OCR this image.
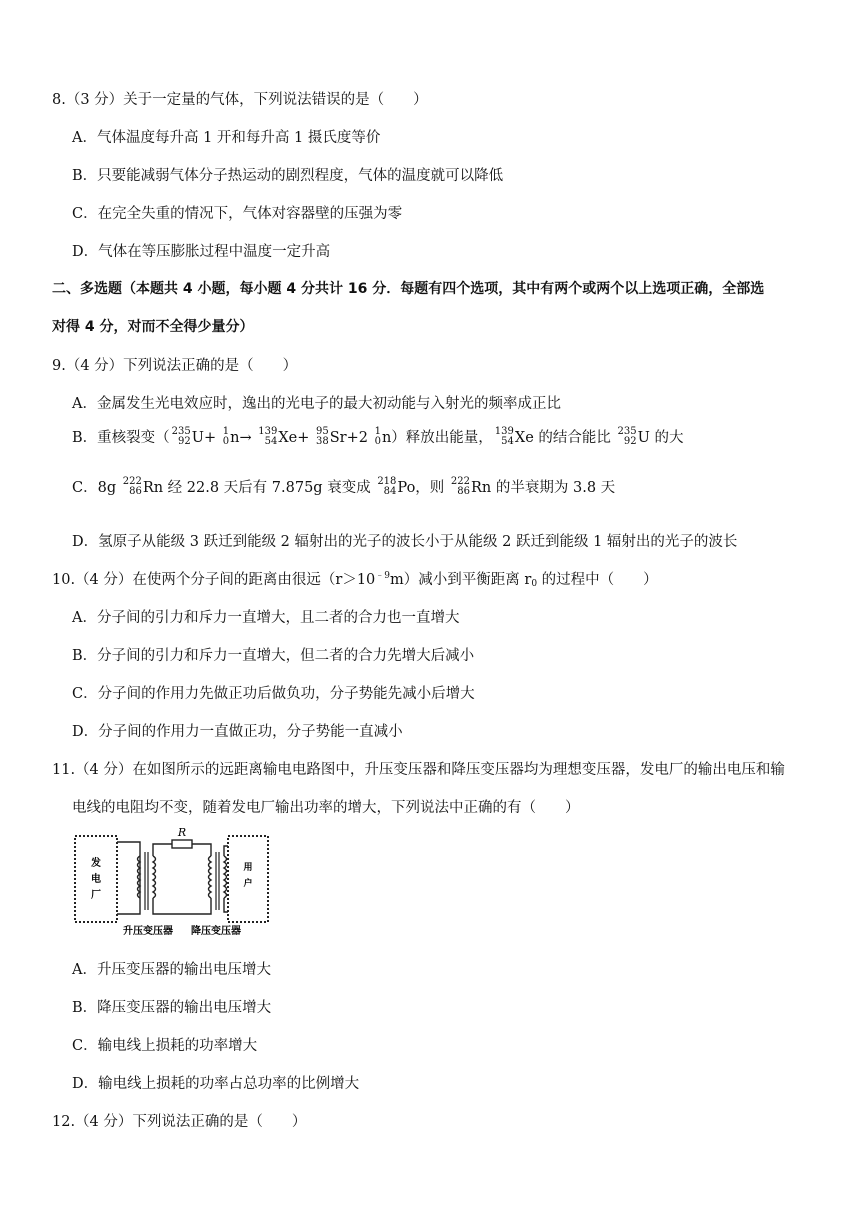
8.（3 分）关于一定量的气体，下列说法错误的是（　　）
A．气体温度每升高 1 开和每升高 1 摄氏度等价
B．只要能减弱气体分子热运动的剧烈程度，气体的温度就可以降低
C．在完全失重的情况下，气体对容器壁的压强为零
D．气体在等压膨胀过程中温度一定升高
二、多选题（本题共 4 小题，每小题 4 分共计 16 分．每题有四个选项，其中有两个或两个以上选项正确，全部选
对得 4 分，对而不全得少量分）
9.（4 分）下列说法正确的是（　　）
A．金属发生光电效应时，逸出的光电子的最大初动能与入射光的频率成正比
B．重核裂变（ 235
92 U+ 1
0 n→ 139
54 Xe+ 95
38 Sr+2 1
0 n）释放出能量， 139
54 Xe 的结合能比 235
92 U 的大
C．8g 222
86 Rn 经 22.8 天后有 7.875g 衰变成 218
84 Po，则 222
86 Rn 的半衰期为 3.8 天
D．氢原子从能级 3 跃迁到能级 2 辐射出的光子的波长小于从能级 2 跃迁到能级 1 辐射出的光子的波长
10.（4 分）在使两个分子间的距离由很远$(r>10^{﹣9}m)$减小到平衡距离 $r_0$ 的过程中（　　）
A．分子间的引力和斥力一直增大，且二者的合力也一直增大
B．分子间的引力和斥力一直增大，但二者的合力先增大后减小
C．分子间的作用力先做正功后做负功，分子势能先减小后增大
D．分子间的作用力一直做正功，分子势能一直减小
11.（4 分）在如图所示的远距离输电电路图中，升压变压器和降压变压器均为理想变压器，发电厂的输出电压和输
电线的电阻均不变，随着发电厂输出功率的增大，下列说法中正确的有（　　）
发
电
厂
用
户
R
升压变压器 降压变压器
A．升压变压器的输出电压增大
B．降压变压器的输出电压增大
C．输电线上损耗的功率增大
D．输电线上损耗的功率占总功率的比例增大
12.（4 分）下列说法正确的是（　　）
